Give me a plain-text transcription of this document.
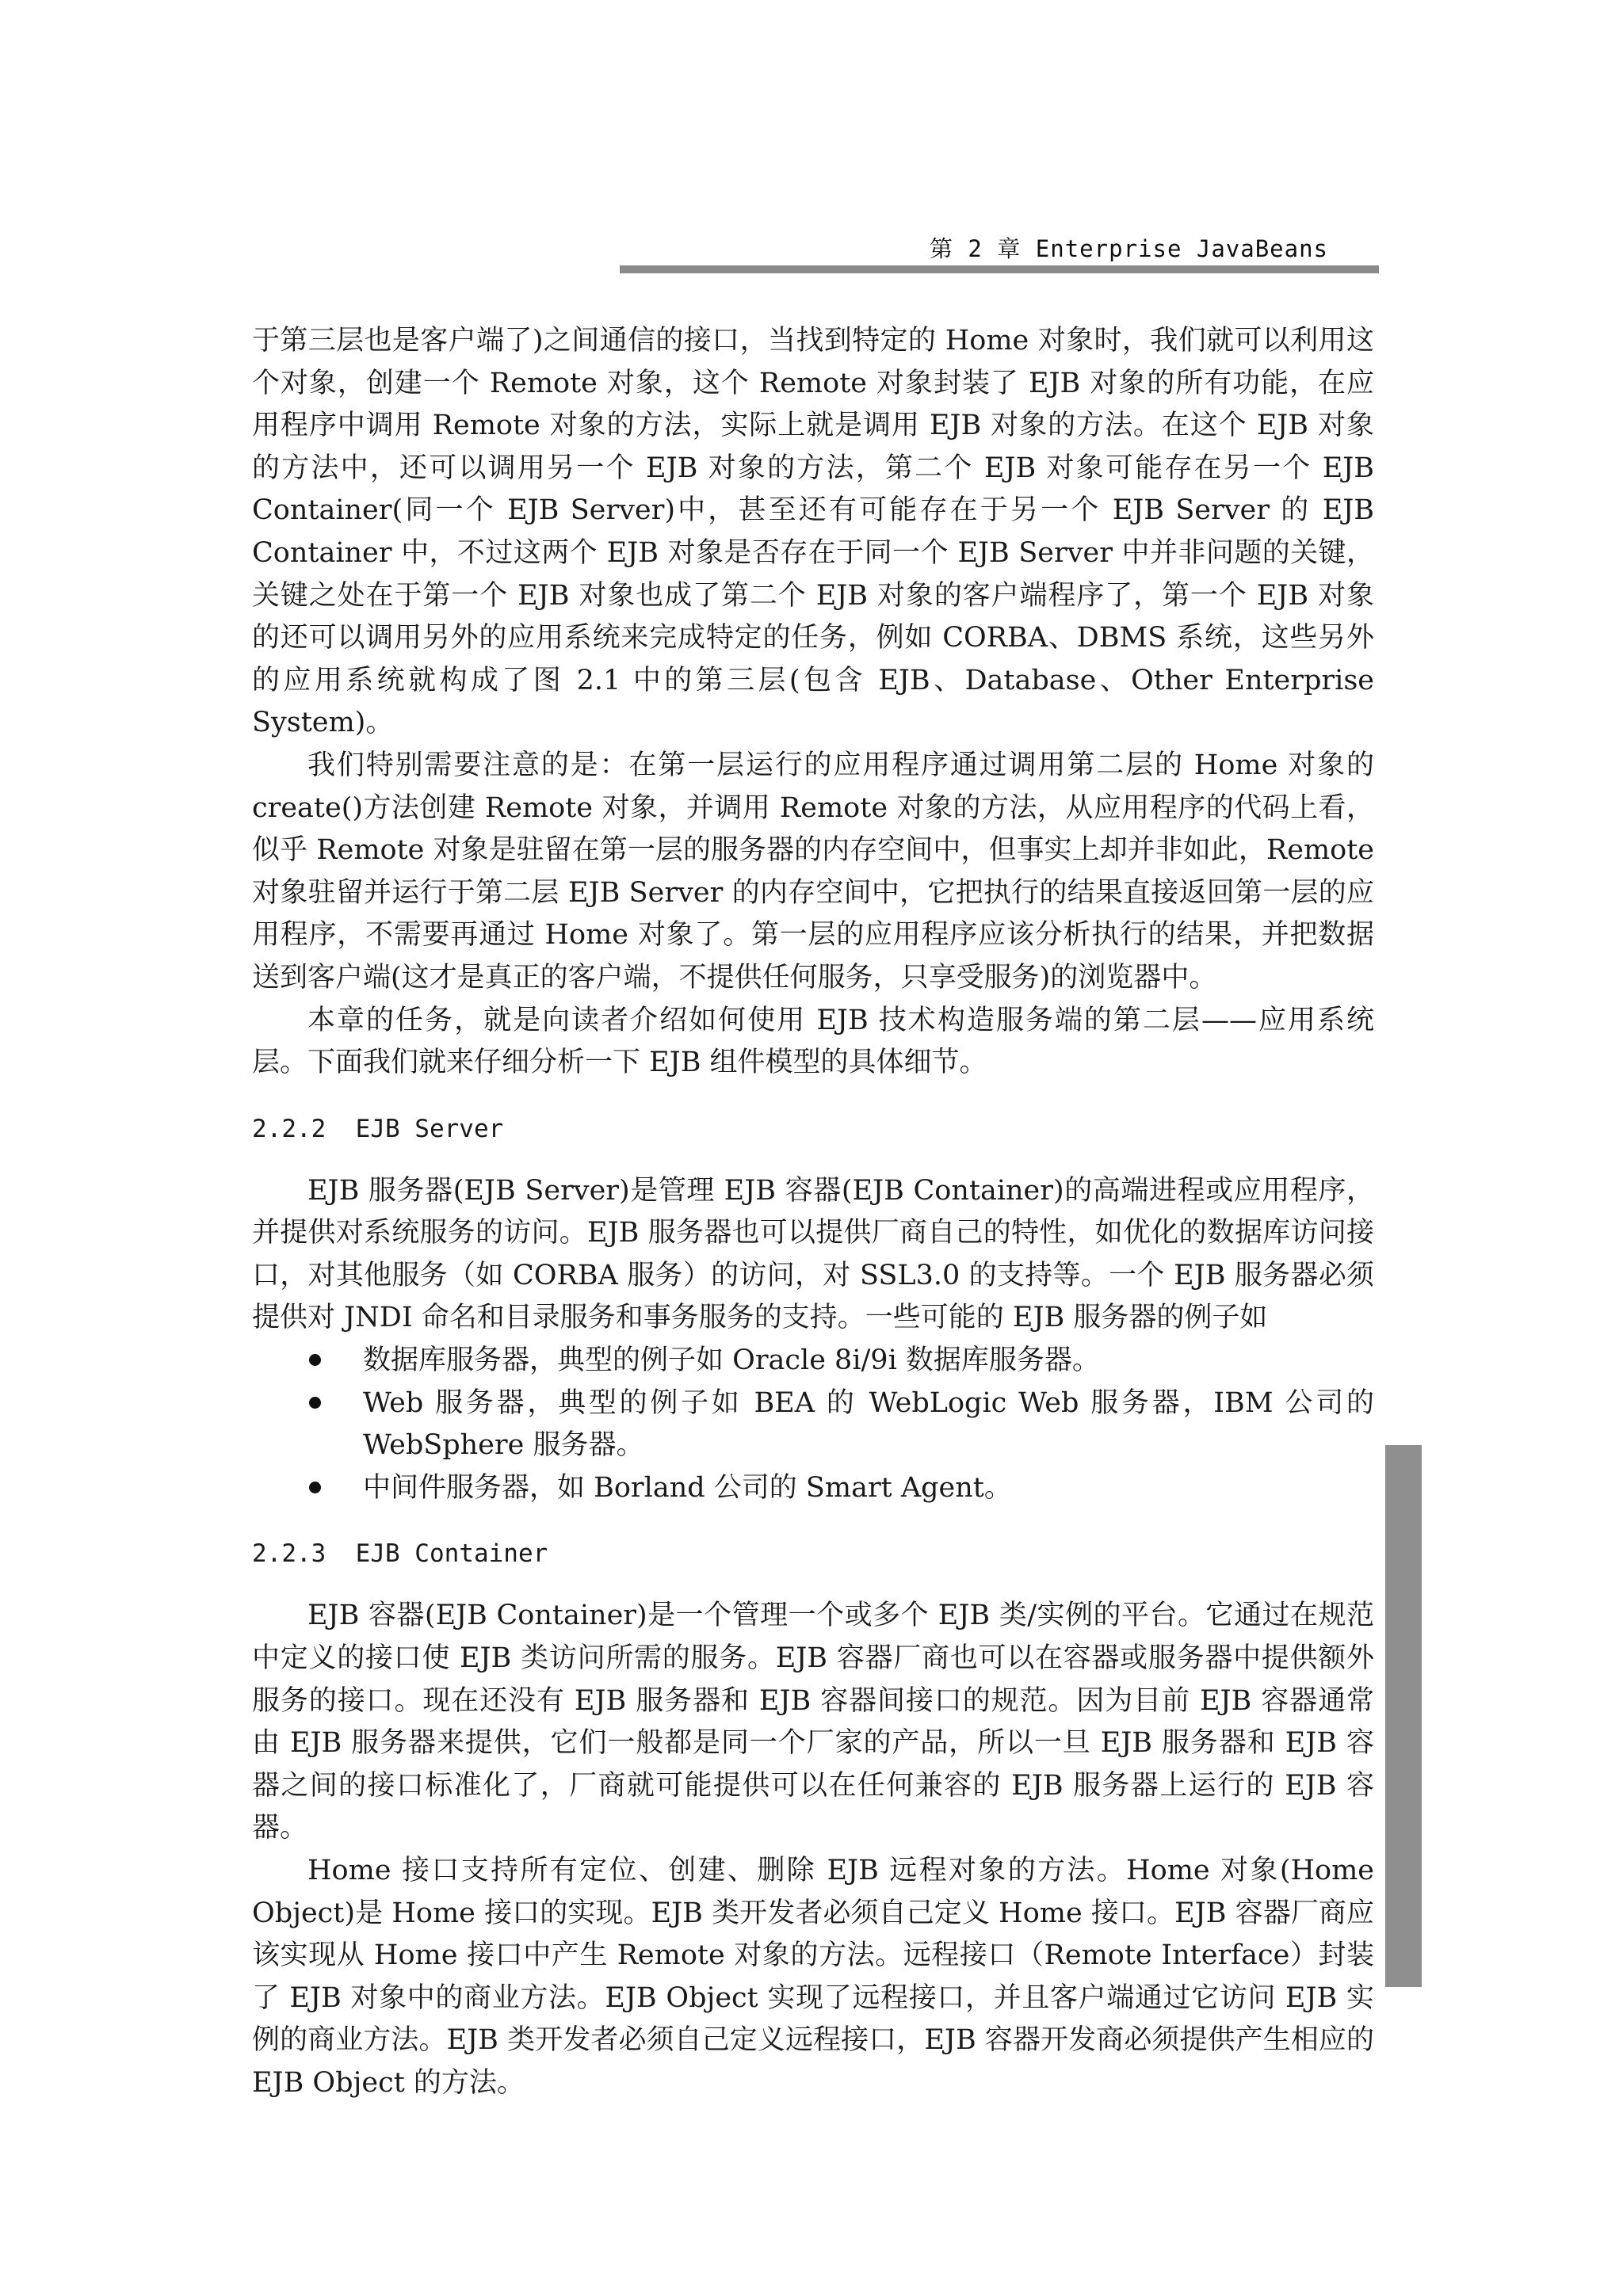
第 2 章 Enterprise JavaBeans

于第三层也是客户端了)之间通信的接口，当找到特定的 Home 对象时，我们就可以利用这个对象，创建一个 Remote 对象，这个 Remote 对象封装了 EJB 对象的所有功能，在应用程序中调用 Remote 对象的方法，实际上就是调用 EJB 对象的方法。在这个 EJB 对象的方法中，还可以调用另一个 EJB 对象的方法，第二个 EJB 对象可能存在另一个 EJB Container(同一个 EJB Server)中，甚至还有可能存在于另一个 EJB Server 的 EJB Container 中，不过这两个 EJB 对象是否存在于同一个 EJB Server 中并非问题的关键，关键之处在于第一个 EJB 对象也成了第二个 EJB 对象的客户端程序了，第一个 EJB 对象的还可以调用另外的应用系统来完成特定的任务，例如 CORBA、DBMS 系统，这些另外的应用系统就构成了图 2.1 中的第三层(包含 EJB、Database、Other Enterprise System)。

我们特别需要注意的是：在第一层运行的应用程序通过调用第二层的 Home 对象的 create()方法创建 Remote 对象，并调用 Remote 对象的方法，从应用程序的代码上看，似乎 Remote 对象是驻留在第一层的服务器的内存空间中，但事实上却并非如此，Remote 对象驻留并运行于第二层 EJB Server 的内存空间中，它把执行的结果直接返回第一层的应用程序，不需要再通过 Home 对象了。第一层的应用程序应该分析执行的结果，并把数据送到客户端(这才是真正的客户端，不提供任何服务，只享受服务)的浏览器中。

本章的任务，就是向读者介绍如何使用 EJB 技术构造服务端的第二层——应用系统层。下面我们就来仔细分析一下 EJB 组件模型的具体细节。

2.2.2  EJB Server

EJB 服务器(EJB Server)是管理 EJB 容器(EJB Container)的高端进程或应用程序，并提供对系统服务的访问。EJB 服务器也可以提供厂商自己的特性，如优化的数据库访问接口，对其他服务（如 CORBA 服务）的访问，对 SSL3.0 的支持等。一个 EJB 服务器必须提供对 JNDI 命名和目录服务和事务服务的支持。一些可能的 EJB 服务器的例子如

数据库服务器，典型的例子如 Oracle 8i/9i 数据库服务器。
Web 服务器，典型的例子如 BEA 的 WebLogic Web 服务器，IBM 公司的 WebSphere 服务器。
中间件服务器，如 Borland 公司的 Smart Agent。
2.2.3  EJB Container

EJB 容器(EJB Container)是一个管理一个或多个 EJB 类/实例的平台。它通过在规范中定义的接口使 EJB 类访问所需的服务。EJB 容器厂商也可以在容器或服务器中提供额外服务的接口。现在还没有 EJB 服务器和 EJB 容器间接口的规范。因为目前 EJB 容器通常由 EJB 服务器来提供，它们一般都是同一个厂家的产品，所以一旦 EJB 服务器和 EJB 容器之间的接口标准化了，厂商就可能提供可以在任何兼容的 EJB 服务器上运行的 EJB 容器。

Home 接口支持所有定位、创建、删除 EJB 远程对象的方法。Home 对象(Home Object)是 Home 接口的实现。EJB 类开发者必须自己定义 Home 接口。EJB 容器厂商应该实现从 Home 接口中产生 Remote 对象的方法。远程接口（Remote Interface）封装了 EJB 对象中的商业方法。EJB Object 实现了远程接口，并且客户端通过它访问 EJB 实例的商业方法。EJB 类开发者必须自己定义远程接口，EJB 容器开发商必须提供产生相应的 EJB Object 的方法。
